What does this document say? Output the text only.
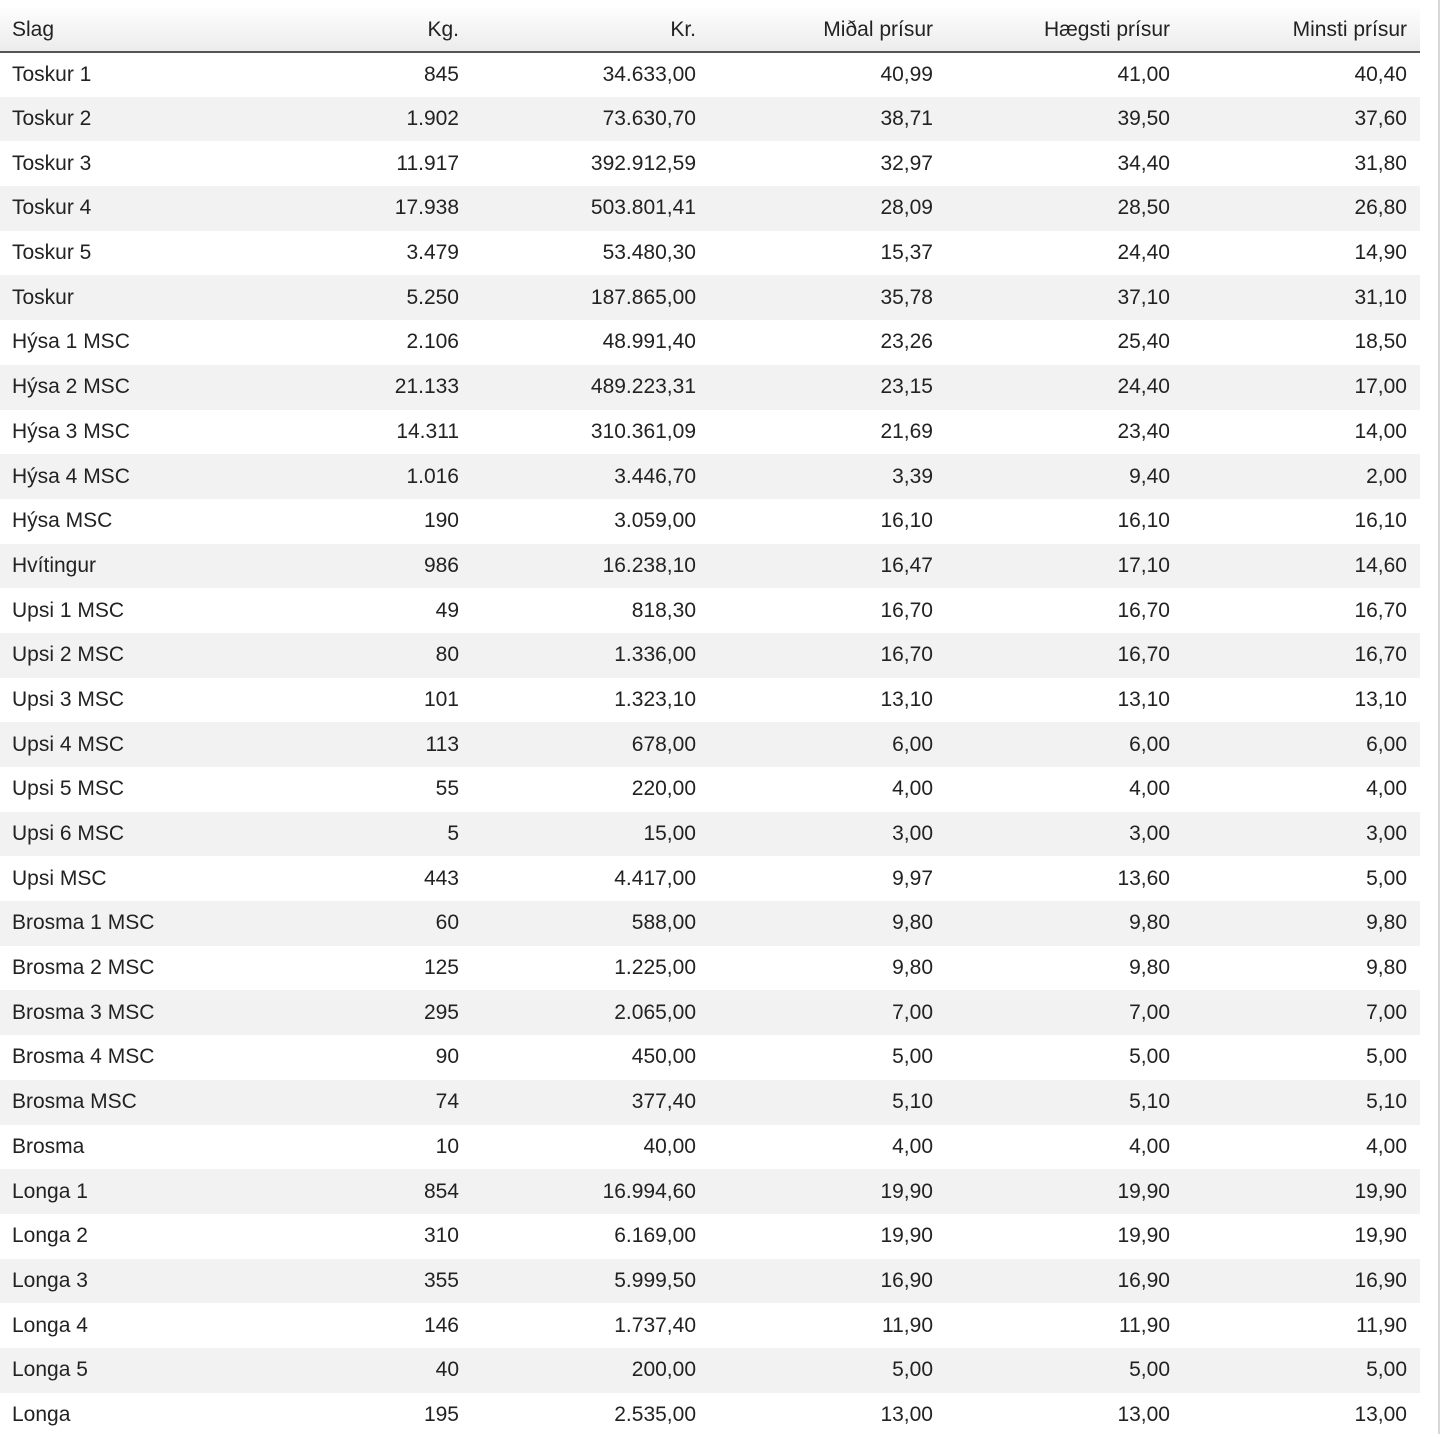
Slag	Kg.	Kr.	Miðal prísur	Hægsti prísur	Minsti prísur
Toskur 1	845	34.633,00	40,99	41,00	40,40
Toskur 2	1.902	73.630,70	38,71	39,50	37,60
Toskur 3	11.917	392.912,59	32,97	34,40	31,80
Toskur 4	17.938	503.801,41	28,09	28,50	26,80
Toskur 5	3.479	53.480,30	15,37	24,40	14,90
Toskur	5.250	187.865,00	35,78	37,10	31,10
Hýsa 1 MSC	2.106	48.991,40	23,26	25,40	18,50
Hýsa 2 MSC	21.133	489.223,31	23,15	24,40	17,00
Hýsa 3 MSC	14.311	310.361,09	21,69	23,40	14,00
Hýsa 4 MSC	1.016	3.446,70	3,39	9,40	2,00
Hýsa MSC	190	3.059,00	16,10	16,10	16,10
Hvítingur	986	16.238,10	16,47	17,10	14,60
Upsi 1 MSC	49	818,30	16,70	16,70	16,70
Upsi 2 MSC	80	1.336,00	16,70	16,70	16,70
Upsi 3 MSC	101	1.323,10	13,10	13,10	13,10
Upsi 4 MSC	113	678,00	6,00	6,00	6,00
Upsi 5 MSC	55	220,00	4,00	4,00	4,00
Upsi 6 MSC	5	15,00	3,00	3,00	3,00
Upsi MSC	443	4.417,00	9,97	13,60	5,00
Brosma 1 MSC	60	588,00	9,80	9,80	9,80
Brosma 2 MSC	125	1.225,00	9,80	9,80	9,80
Brosma 3 MSC	295	2.065,00	7,00	7,00	7,00
Brosma 4 MSC	90	450,00	5,00	5,00	5,00
Brosma MSC	74	377,40	5,10	5,10	5,10
Brosma	10	40,00	4,00	4,00	4,00
Longa 1	854	16.994,60	19,90	19,90	19,90
Longa 2	310	6.169,00	19,90	19,90	19,90
Longa 3	355	5.999,50	16,90	16,90	16,90
Longa 4	146	1.737,40	11,90	11,90	11,90
Longa 5	40	200,00	5,00	5,00	5,00
Longa	195	2.535,00	13,00	13,00	13,00
